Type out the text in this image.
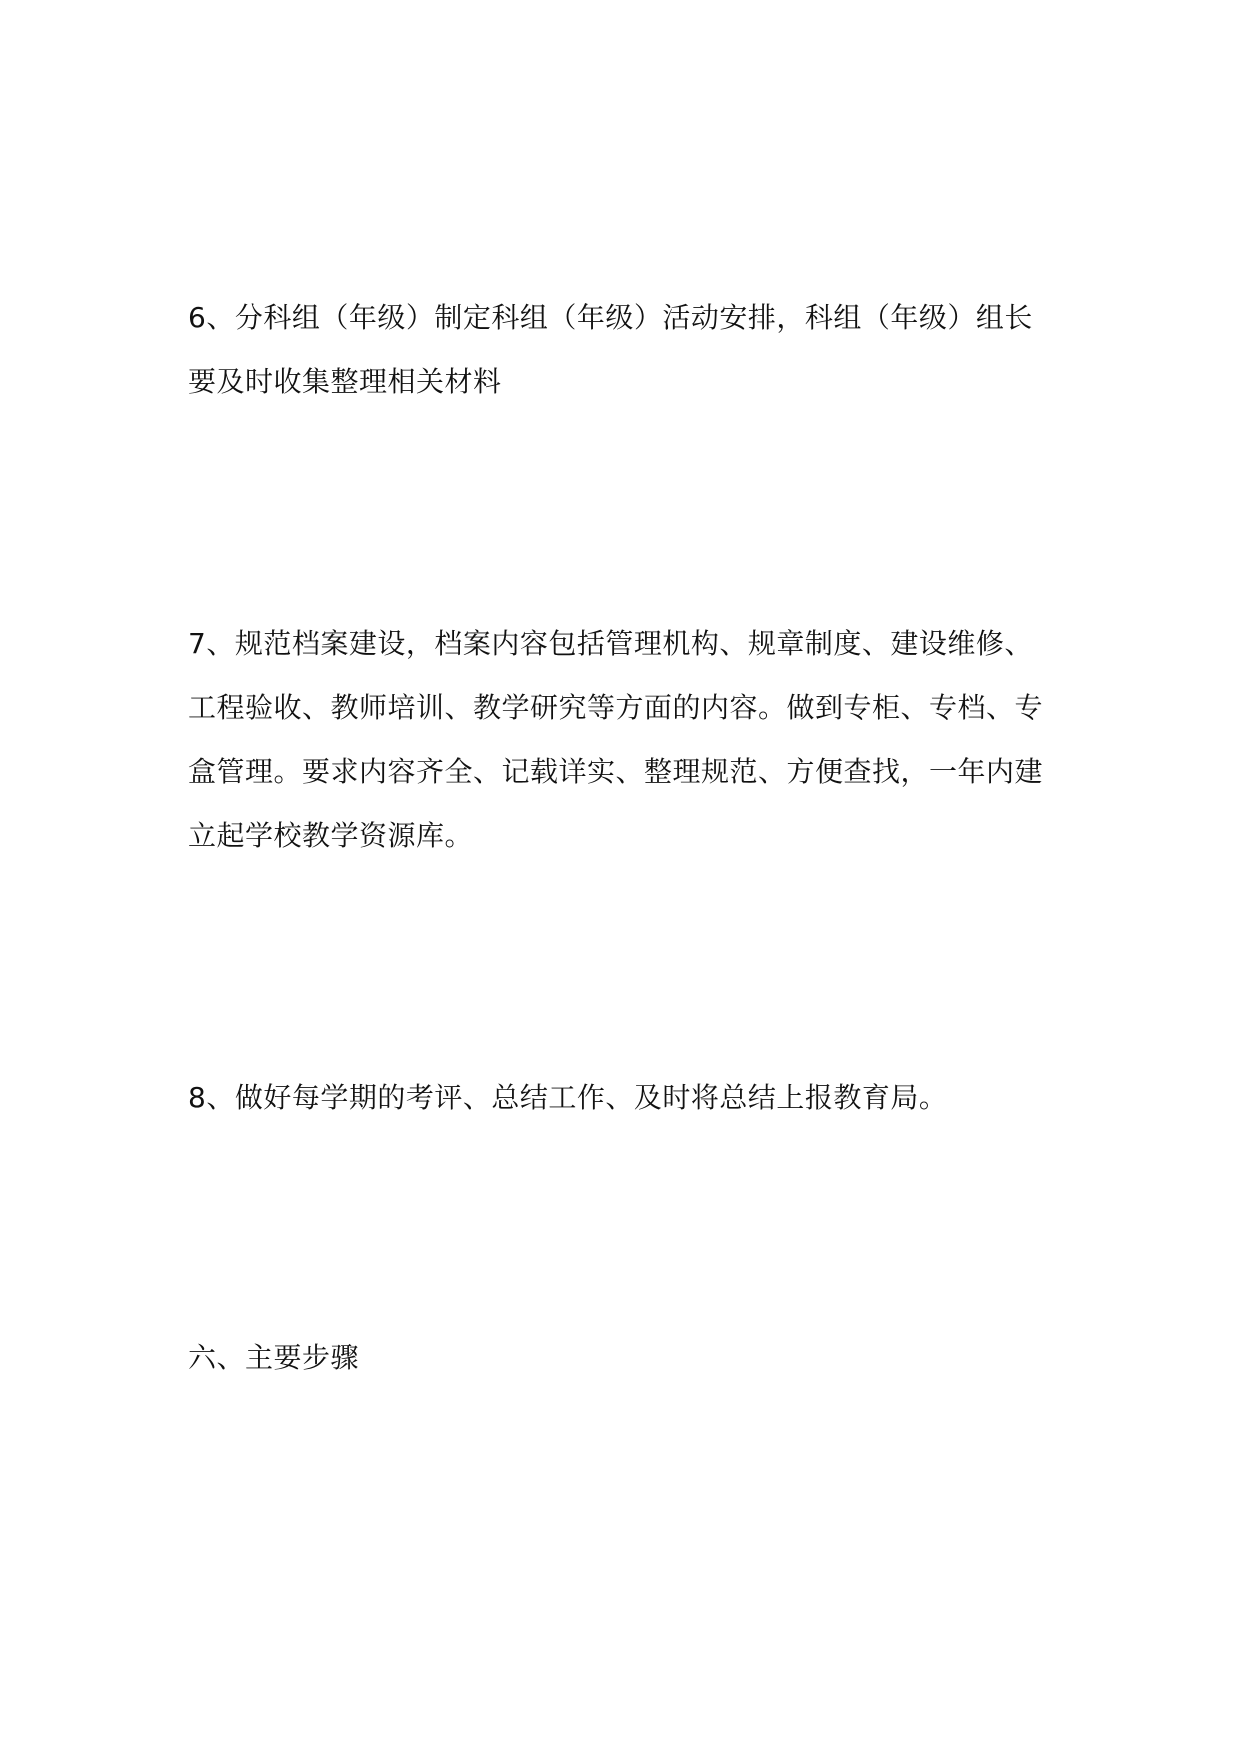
6、分科组（年级）制定科组（年级）活动安排，科组（年级）组长
要及时收集整理相关材料

7、规范档案建设，档案内容包括管理机构、规章制度、建设维修、
工程验收、教师培训、教学研究等方面的内容。做到专柜、专档、专
盒管理。要求内容齐全、记载详实、整理规范、方便查找，一年内建
立起学校教学资源库。

8、做好每学期的考评、总结工作、及时将总结上报教育局。

六、主要步骤
